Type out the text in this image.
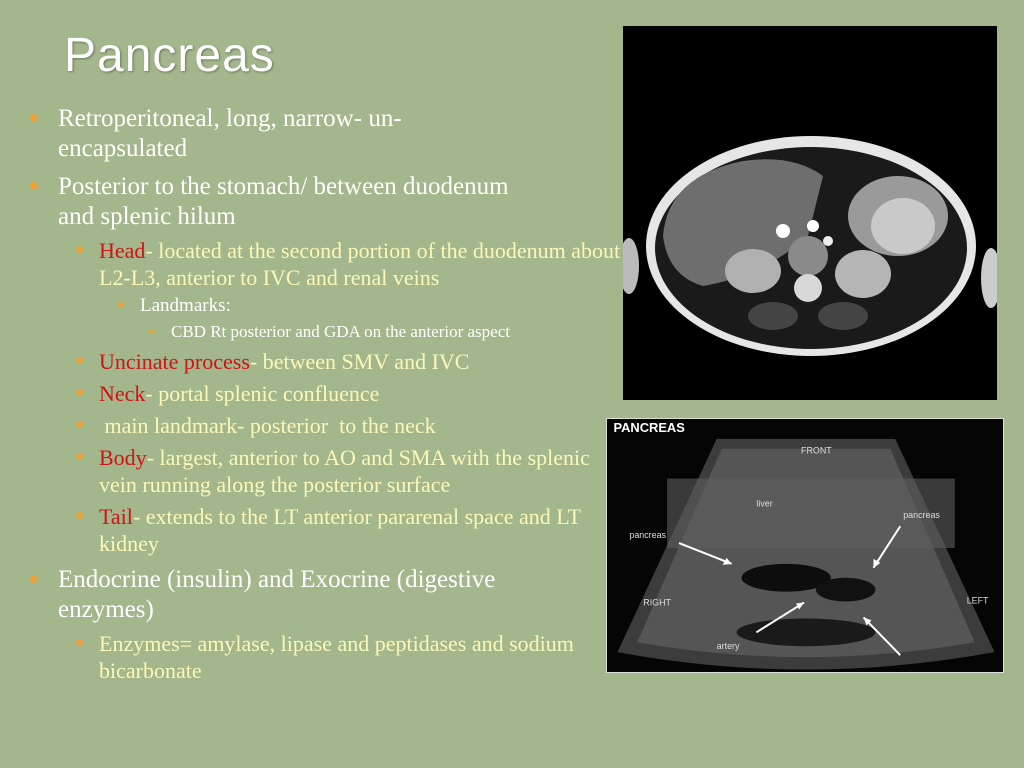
Pancreas

Retroperitoneal, long, narrow- un-encapsulated

Posterior to the stomach/ between duodenum and splenic hilum

Head- located at the second portion of the duodenum about L2-L3, anterior to IVC and renal veins

Landmarks:

CBD Rt posterior and GDA on the anterior aspect

Uncinate process- between SMV and IVC

Neck- portal splenic confluence

main landmark- posterior  to the neck

Body- largest, anterior to AO and SMA with the splenic vein running along the posterior surface

Tail- extends to the LT anterior pararenal space and LT kidney

Endocrine (insulin) and Exocrine (digestive enzymes)

Enzymes= amylase, lipase and peptidases and sodium bicarbonate

PANCREAS
FRONT
liver
pancreas
pancreas
RIGHT	LEFT
artery
